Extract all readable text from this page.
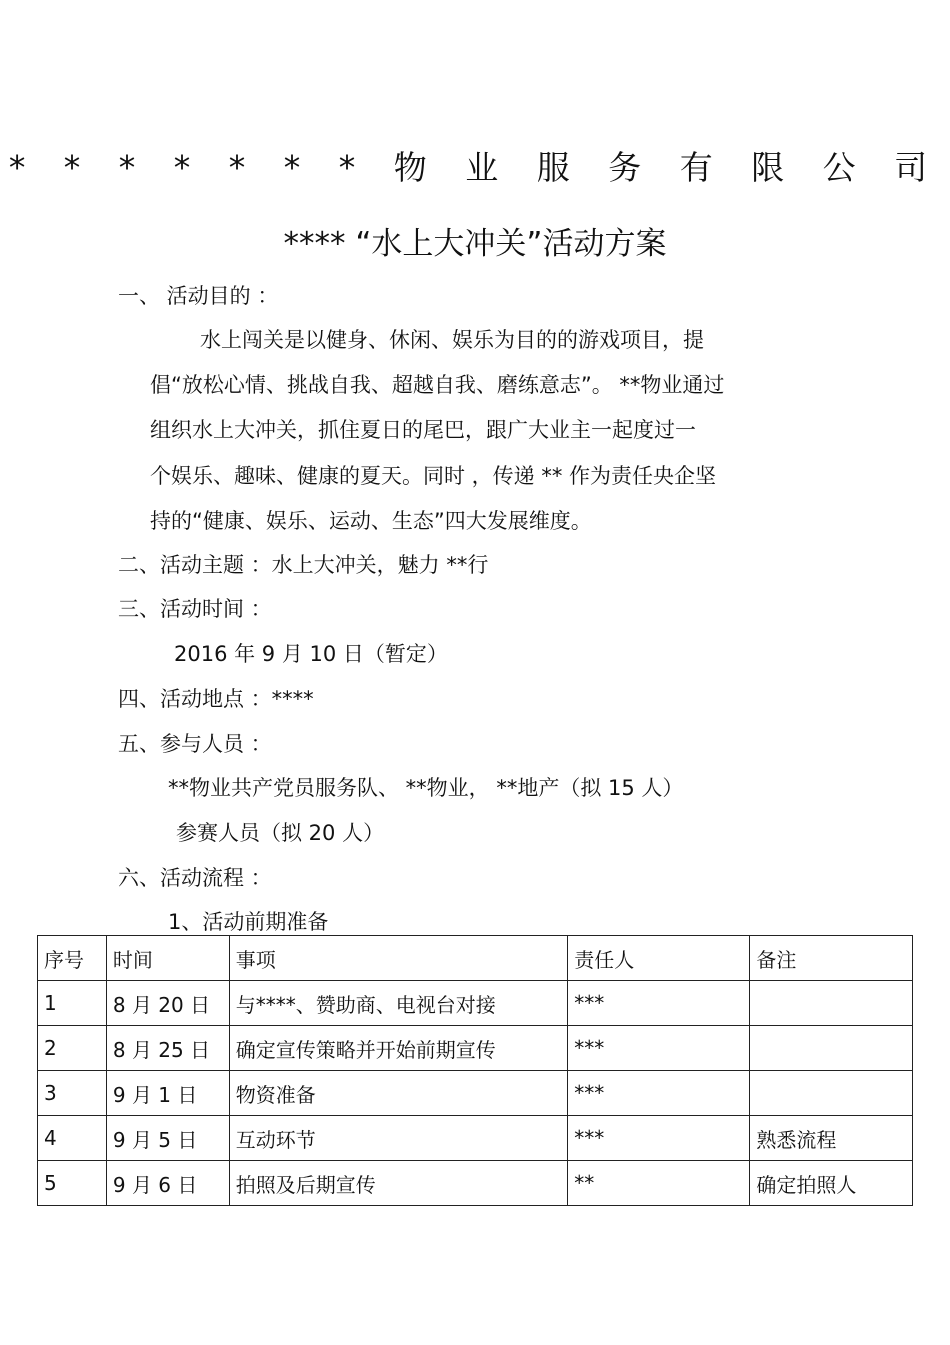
* * * * * * * 物 业 服 务 有 限 公 司
**** “水上大冲关”活动方案
一、 活动目的 ：
水上闯关是以健身、休闲、娱乐为目的的游戏项目，提
倡“放松心情、挑战自我、超越自我、磨练意志”。 **物业通过
组织水上大冲关，抓住夏日的尾巴，跟广大业主一起度过一
个娱乐、趣味、健康的夏天。同时 ，传递 ** 作为责任央企坚
持的“健康、娱乐、运动、生态”四大发展维度。
二、活动主题 ：水上大冲关，魅力 **行
三、活动时间 ：
2016 年 9 月 10 日（暂定）
四、活动地点 ：****
五、参与人员 ：
**物业共产党员服务队、 **物业， **地产（拟 15 人）
参赛人员（拟 20 人）
六、活动流程 ：
1、活动前期准备
序号	时间	事项	责任人	备注
1	8 月 20 日	与****、赞助商、电视台对接	***	
2	8 月 25 日	确定宣传策略并开始前期宣传	***	
3	9 月 1 日	物资准备	***	
4	9 月 5 日	互动环节	***	熟悉流程
5	9 月 6 日	拍照及后期宣传	**	确定拍照人
